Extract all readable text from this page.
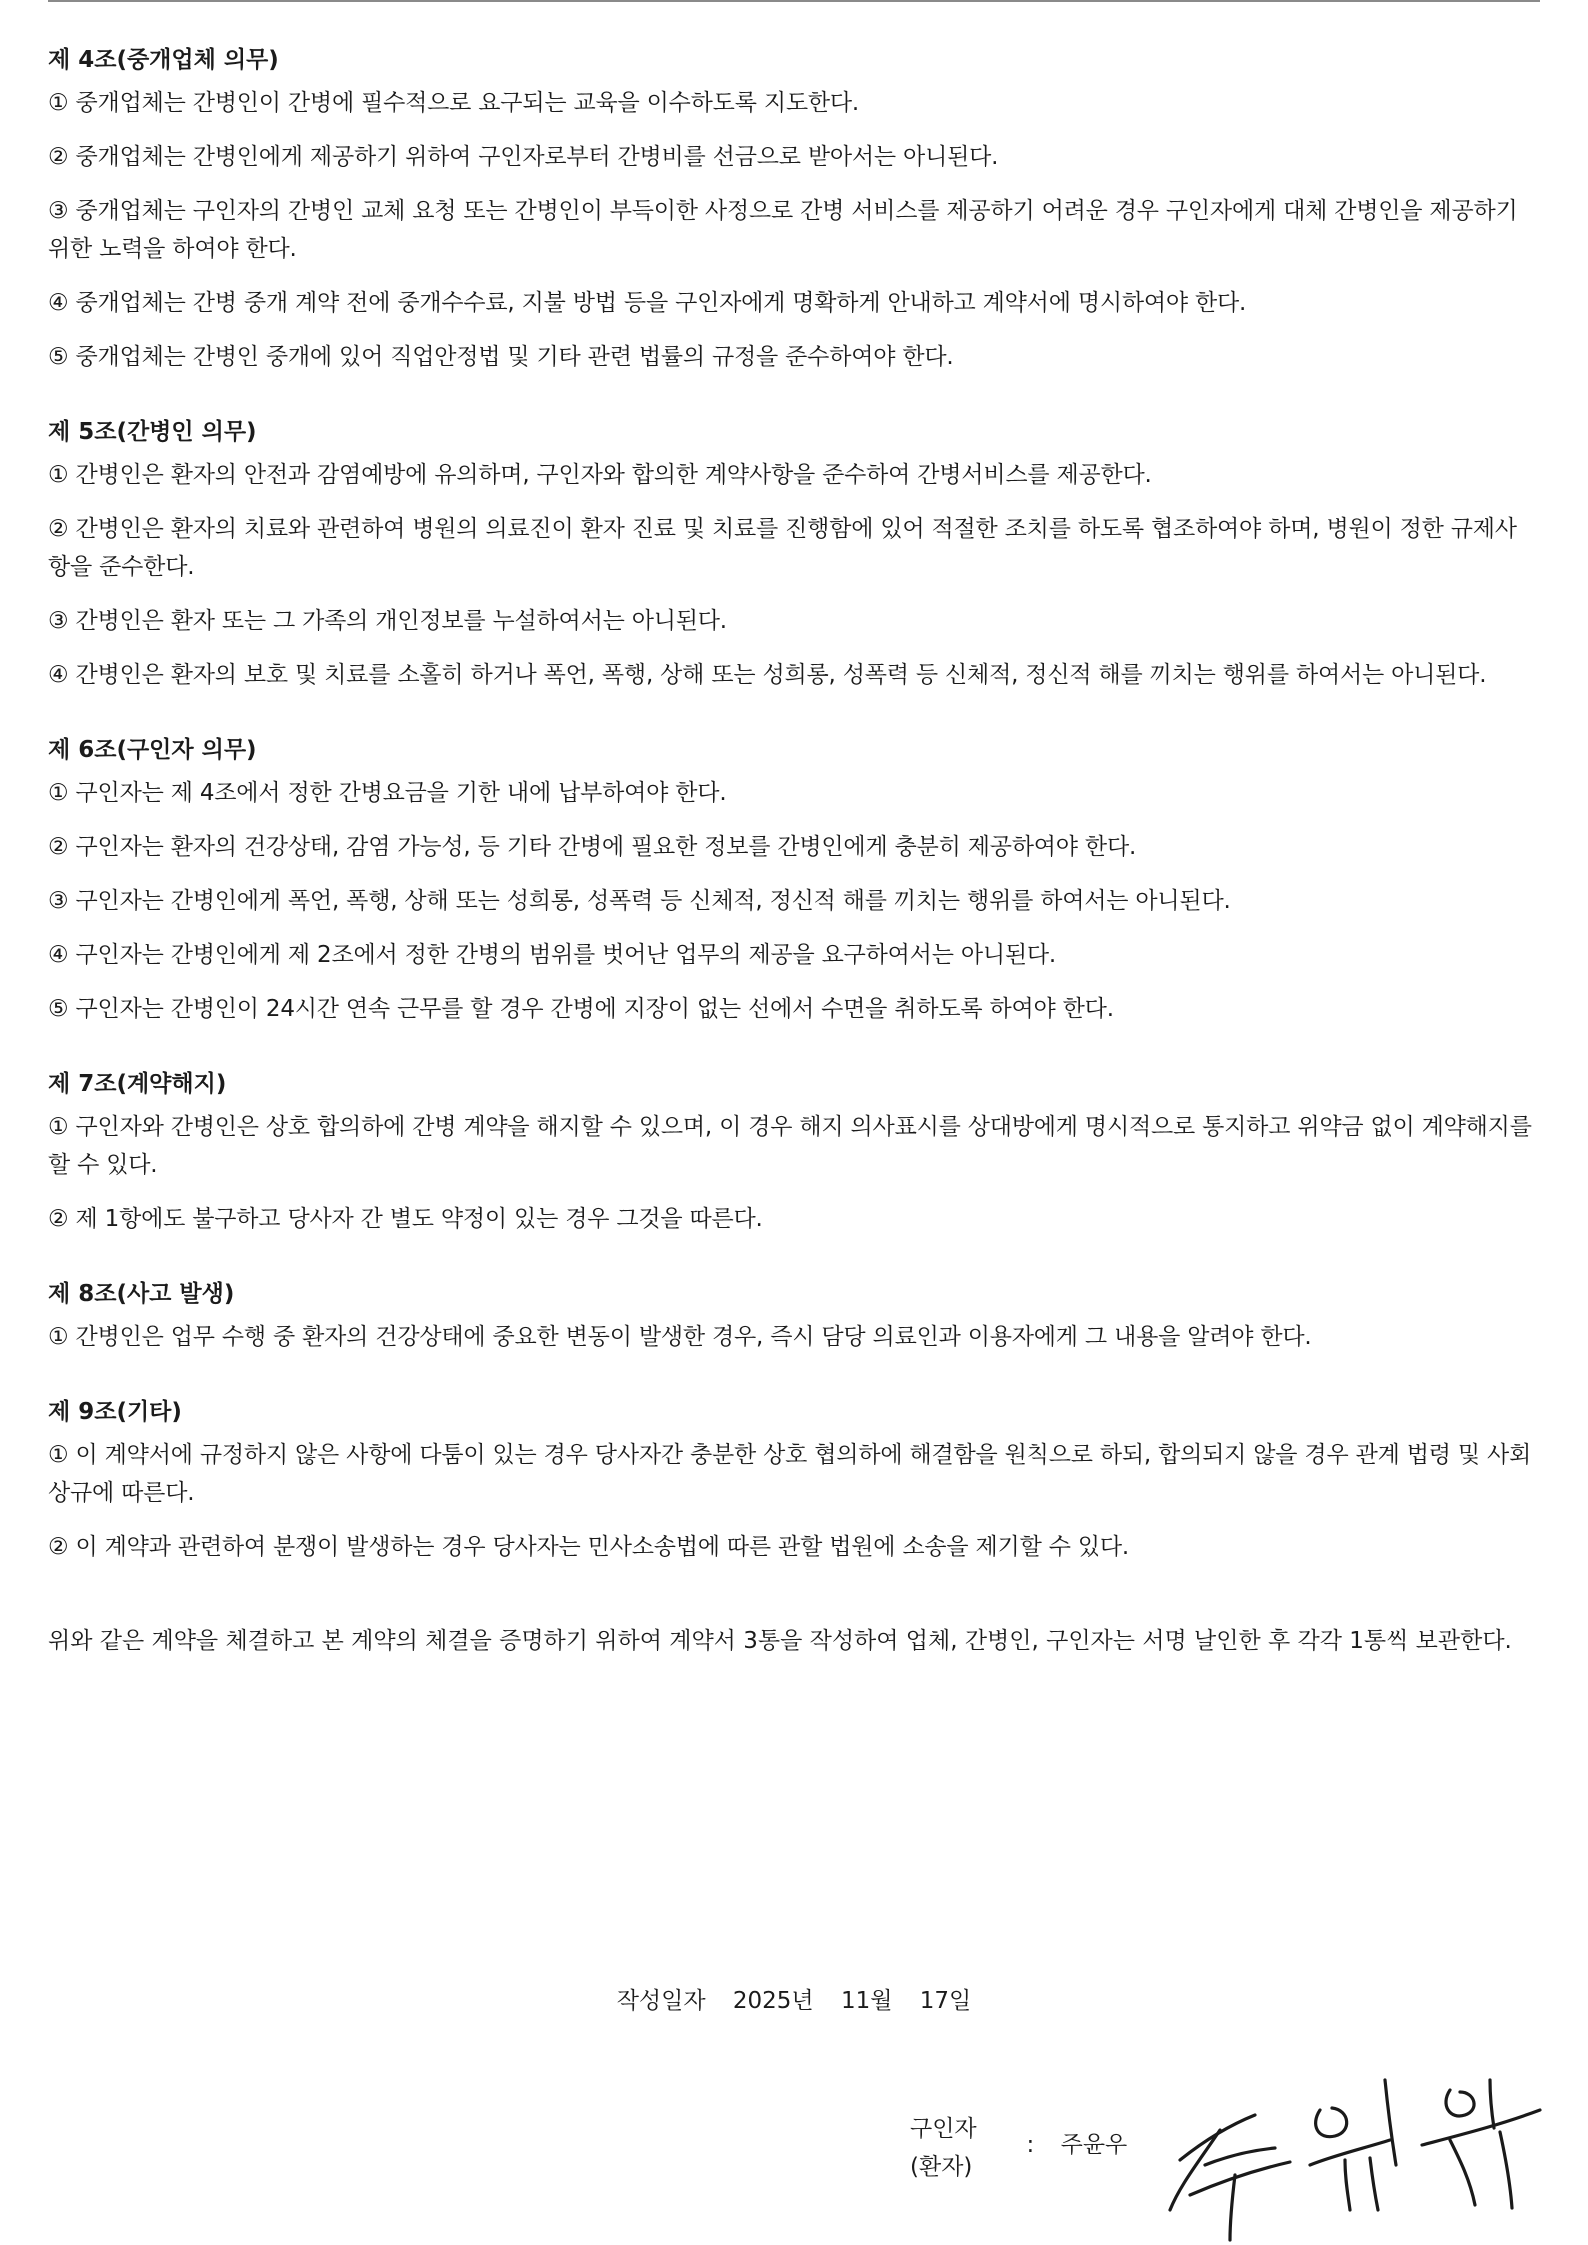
제 4조(중개업체 의무)

① 중개업체는 간병인이 간병에 필수적으로 요구되는 교육을 이수하도록 지도한다.

② 중개업체는 간병인에게 제공하기 위하여 구인자로부터 간병비를 선금으로 받아서는 아니된다.

③ 중개업체는 구인자의 간병인 교체 요청 또는 간병인이 부득이한 사정으로 간병 서비스를 제공하기 어려운 경우 구인자에게 대체 간병인을 제공하기 위한 노력을 하여야 한다.

④ 중개업체는 간병 중개 계약 전에 중개수수료, 지불 방법 등을 구인자에게 명확하게 안내하고 계약서에 명시하여야 한다.

⑤ 중개업체는 간병인 중개에 있어 직업안정법 및 기타 관련 법률의 규정을 준수하여야 한다.

제 5조(간병인 의무)

① 간병인은 환자의 안전과 감염예방에 유의하며, 구인자와 합의한 계약사항을 준수하여 간병서비스를 제공한다.

② 간병인은 환자의 치료와 관련하여 병원의 의료진이 환자 진료 및 치료를 진행함에 있어 적절한 조치를 하도록 협조하여야 하며, 병원이 정한 규제사항을 준수한다.

③ 간병인은 환자 또는 그 가족의 개인정보를 누설하여서는 아니된다.

④ 간병인은 환자의 보호 및 치료를 소홀히 하거나 폭언, 폭행, 상해 또는 성희롱, 성폭력 등 신체적, 정신적 해를 끼치는 행위를 하여서는 아니된다.

제 6조(구인자 의무)

① 구인자는 제 4조에서 정한 간병요금을 기한 내에 납부하여야 한다.

② 구인자는 환자의 건강상태, 감염 가능성, 등 기타 간병에 필요한 정보를 간병인에게 충분히 제공하여야 한다.

③ 구인자는 간병인에게 폭언, 폭행, 상해 또는 성희롱, 성폭력 등 신체적, 정신적 해를 끼치는 행위를 하여서는 아니된다.

④ 구인자는 간병인에게 제 2조에서 정한 간병의 범위를 벗어난 업무의 제공을 요구하여서는 아니된다.

⑤ 구인자는 간병인이 24시간 연속 근무를 할 경우 간병에 지장이 없는 선에서 수면을 취하도록 하여야 한다.

제 7조(계약해지)

① 구인자와 간병인은 상호 합의하에 간병 계약을 해지할 수 있으며, 이 경우 해지 의사표시를 상대방에게 명시적으로 통지하고 위약금 없이 계약해지를 할 수 있다.

② 제 1항에도 불구하고 당사자 간 별도 약정이 있는 경우 그것을 따른다.

제 8조(사고 발생)

① 간병인은 업무 수행 중 환자의 건강상태에 중요한 변동이 발생한 경우, 즉시 담당 의료인과 이용자에게 그 내용을 알려야 한다.

제 9조(기타)

① 이 계약서에 규정하지 않은 사항에 다툼이 있는 경우 당사자간 충분한 상호 협의하에 해결함을 원칙으로 하되, 합의되지 않을 경우 관계 법령 및 사회상규에 따른다.

② 이 계약과 관련하여 분쟁이 발생하는 경우 당사자는 민사소송법에 따른 관할 법원에 소송을 제기할 수 있다.

위와 같은 계약을 체결하고 본 계약의 체결을 증명하기 위하여 계약서 3통을 작성하여 업체, 간병인, 구인자는 서명 날인한 후 각각 1통씩 보관한다.

작성일자 2025년 11월 17일
구인자
(환자) : 주윤우
